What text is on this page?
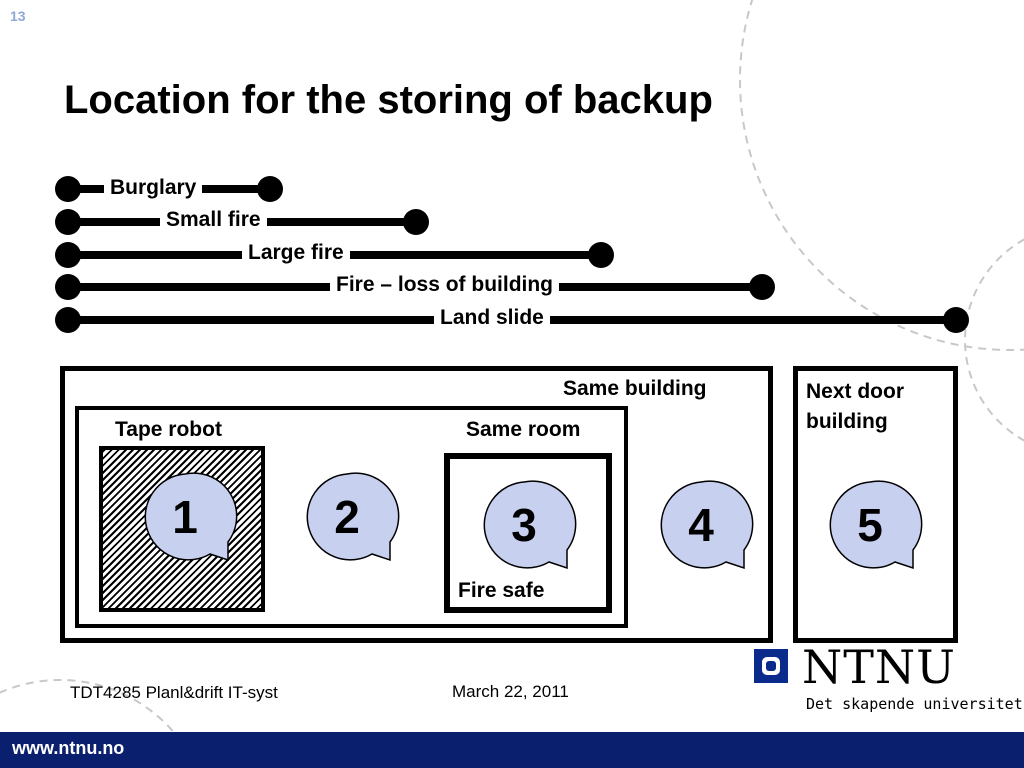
13
Location for the storing of backup
Burglary
Small fire
Large fire
Fire – loss of building
Land slide
Same building	Next door building
Same room
Tape robot
Fire safe
1	2	3	4	5
TDT4285 Planl&drift IT-syst	March 22, 2011	NTNU
Det skapende universitet
www.ntnu.no
